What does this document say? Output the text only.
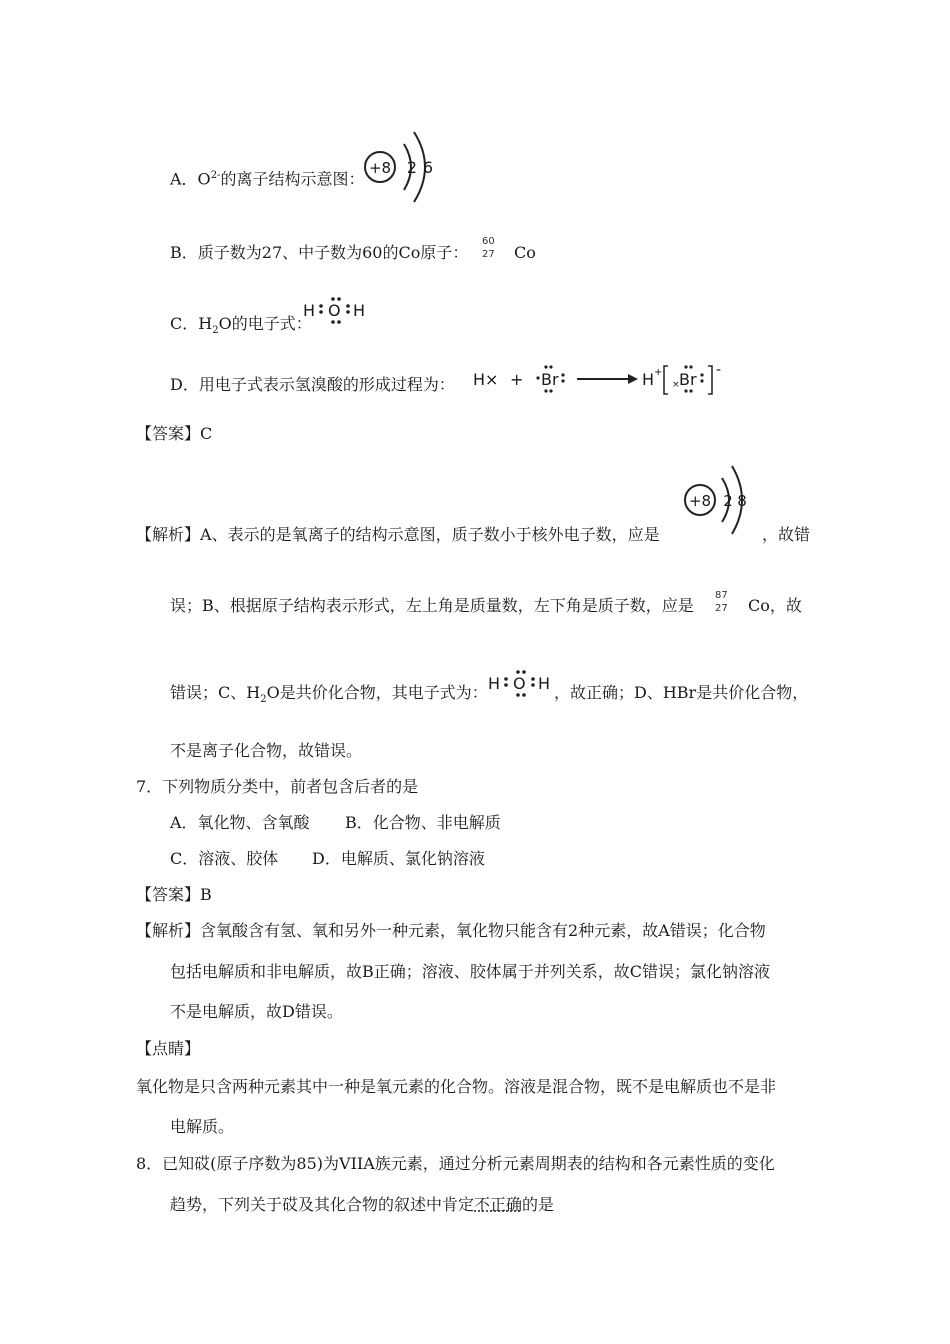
A．$O^{2-}$的离子结构示意图：
+8 2 6
B．质子数为27、中子数为60的Co原子：
60
27 Co
C．$H_2O$的电子式：
H O H
D．用电子式表示氢溴酸的形成过程为： H× + Br	H +
× Br -
【答案】C
+8 2 8
【解析】A、表示的是氧离子的结构示意图，质子数小于核外电子数，应是	，故错
误；B、根据原子结构表示形式，左上角是质量数，左下角是质子数，应是
87
27 Co，故
错误；C、$H_2O$是共价化合物，其电子式为： H O H ，故正确；D、HBr是共价化合物，
不是离子化合物，故错误。
7．下列物质分类中，前者包含后者的是
A．氧化物、含氧酸 B．化合物、非电解质
C．溶液、胶体 D．电解质、氯化钠溶液
【答案】B
【解析】含氧酸含有氢、氧和另外一种元素，氧化物只能含有2种元素，故A错误；化合物
包括电解质和非电解质，故B正确；溶液、胶体属于并列关系，故C错误；氯化钠溶液
不是电解质，故D错误。
【点睛】
氧化物是只含两种元素其中一种是氧元素的化合物。溶液是混合物，既不是电解质也不是非
电解质。
8．已知砹(原子序数为85)为VIIA族元素，通过分析元素周期表的结构和各元素性质的变化
趋势，下列关于砹及其化合物的叙述中肯定不正确的是
